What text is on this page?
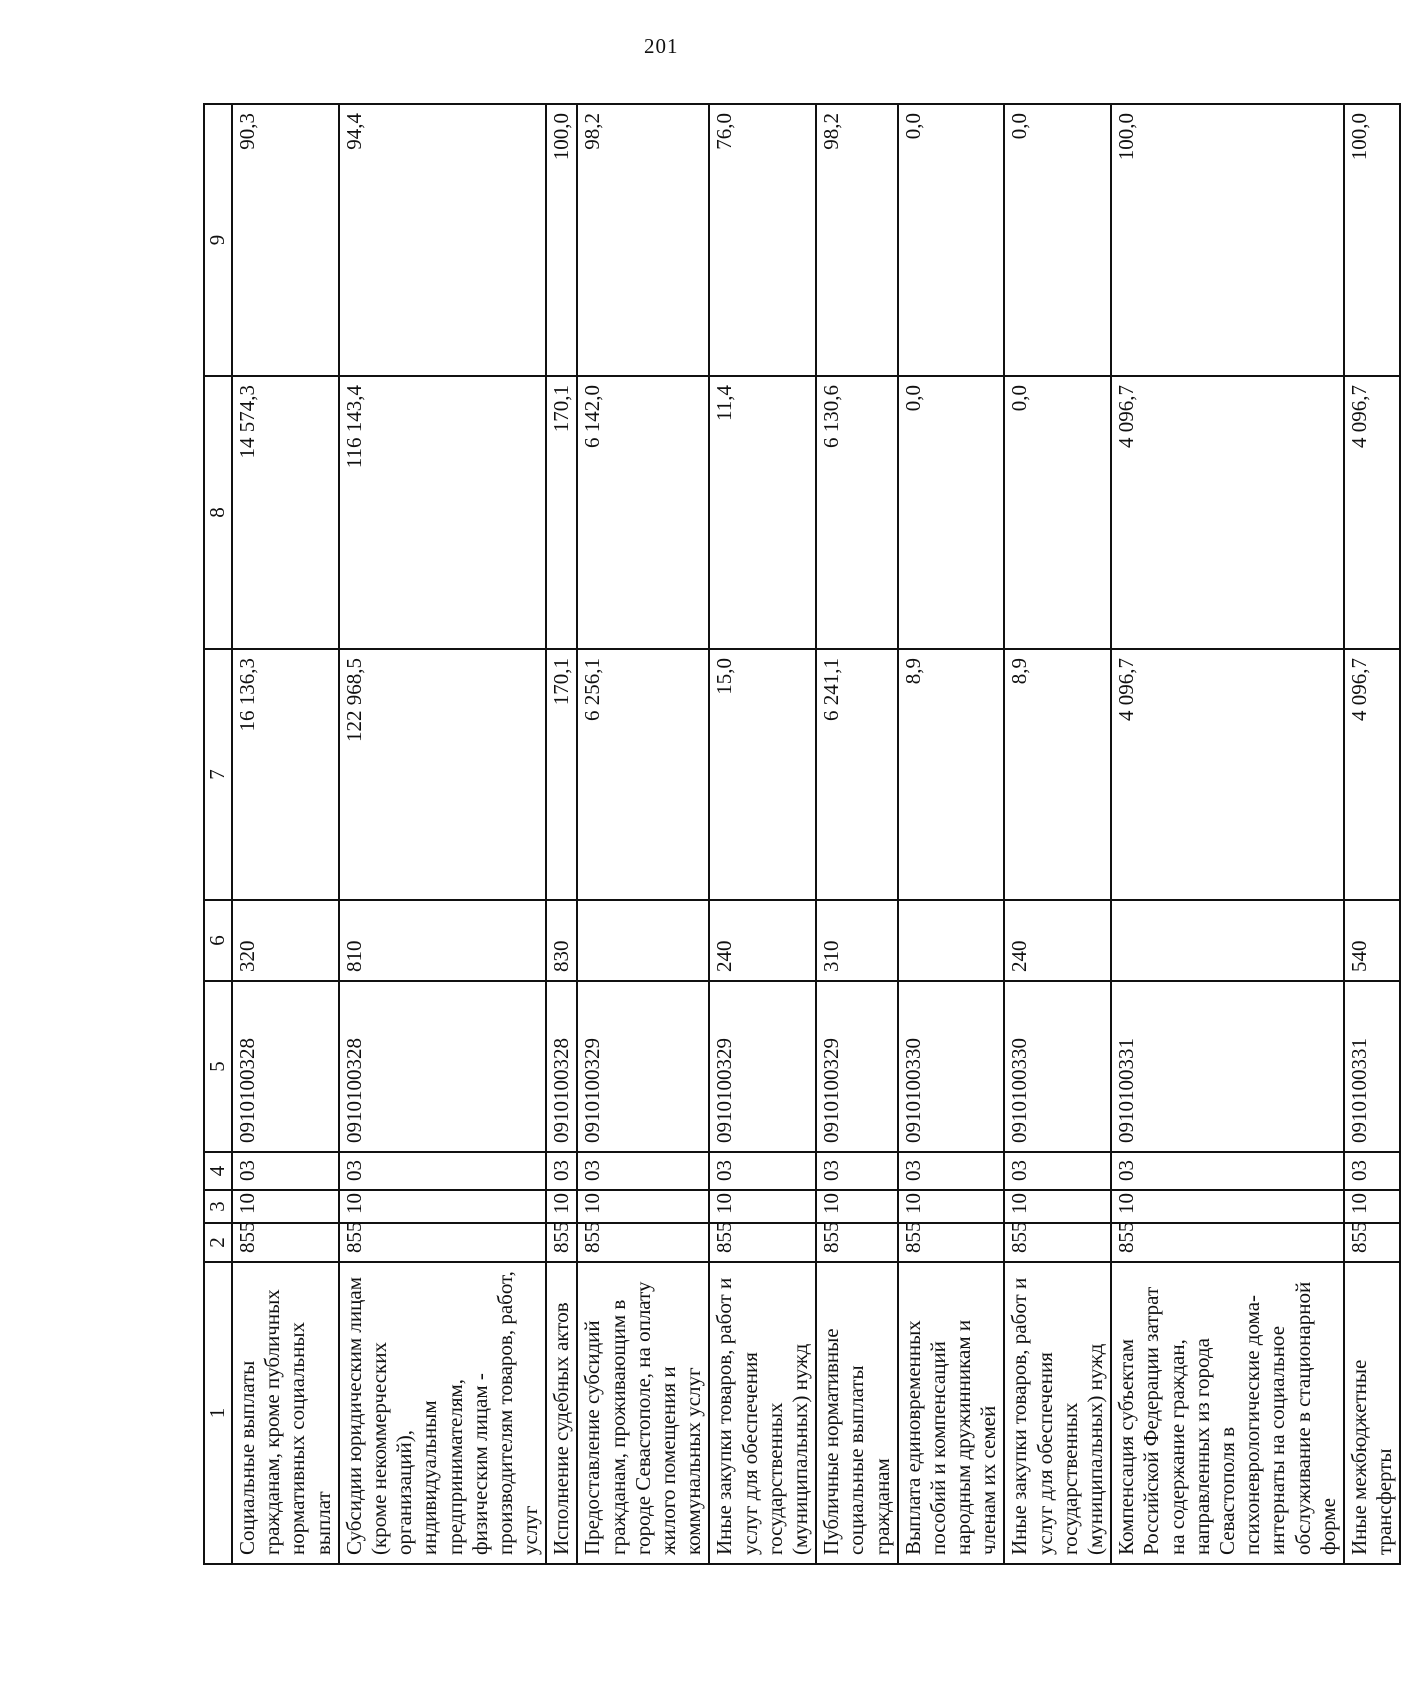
201
1	2	3	4	5	6	7	8	9
Социальные выплаты гражданам, кроме публичных нормативных социальных выплат	855	10	03	0910100328	320	16 136,3	14 574,3	90,3
Субсидии юридическим лицам (кроме некоммерческих организаций), индивидуальным предпринимателям, физическим лицам - производителям товаров, работ, услуг	855	10	03	0910100328	810	122 968,5	116 143,4	94,4
Исполнение судебных актов	855	10	03	0910100328	830	170,1	170,1	100,0
Предоставление субсидий гражданам, проживающим в городе Севастополе, на оплату жилого помещения и коммунальных услуг	855	10	03	0910100329		6 256,1	6 142,0	98,2
Иные закупки товаров, работ и услуг для обеспечения государственных (муниципальных) нужд	855	10	03	0910100329	240	15,0	11,4	76,0
Публичные нормативные социальные выплаты гражданам	855	10	03	0910100329	310	6 241,1	6 130,6	98,2
Выплата единовременных пособий и компенсаций народным дружинникам и членам их семей	855	10	03	0910100330		8,9	0,0	0,0
Иные закупки товаров, работ и услуг для обеспечения государственных (муниципальных) нужд	855	10	03	0910100330	240	8,9	0,0	0,0
Компенсация субъектам Российской Федерации затрат на содержание граждан, направленных из города Севастополя в психоневрологические дома-интернаты на социальное обслуживание в стационарной форме	855	10	03	0910100331		4 096,7	4 096,7	100,0
Иные межбюджетные трансферты	855	10	03	0910100331	540	4 096,7	4 096,7	100,0
